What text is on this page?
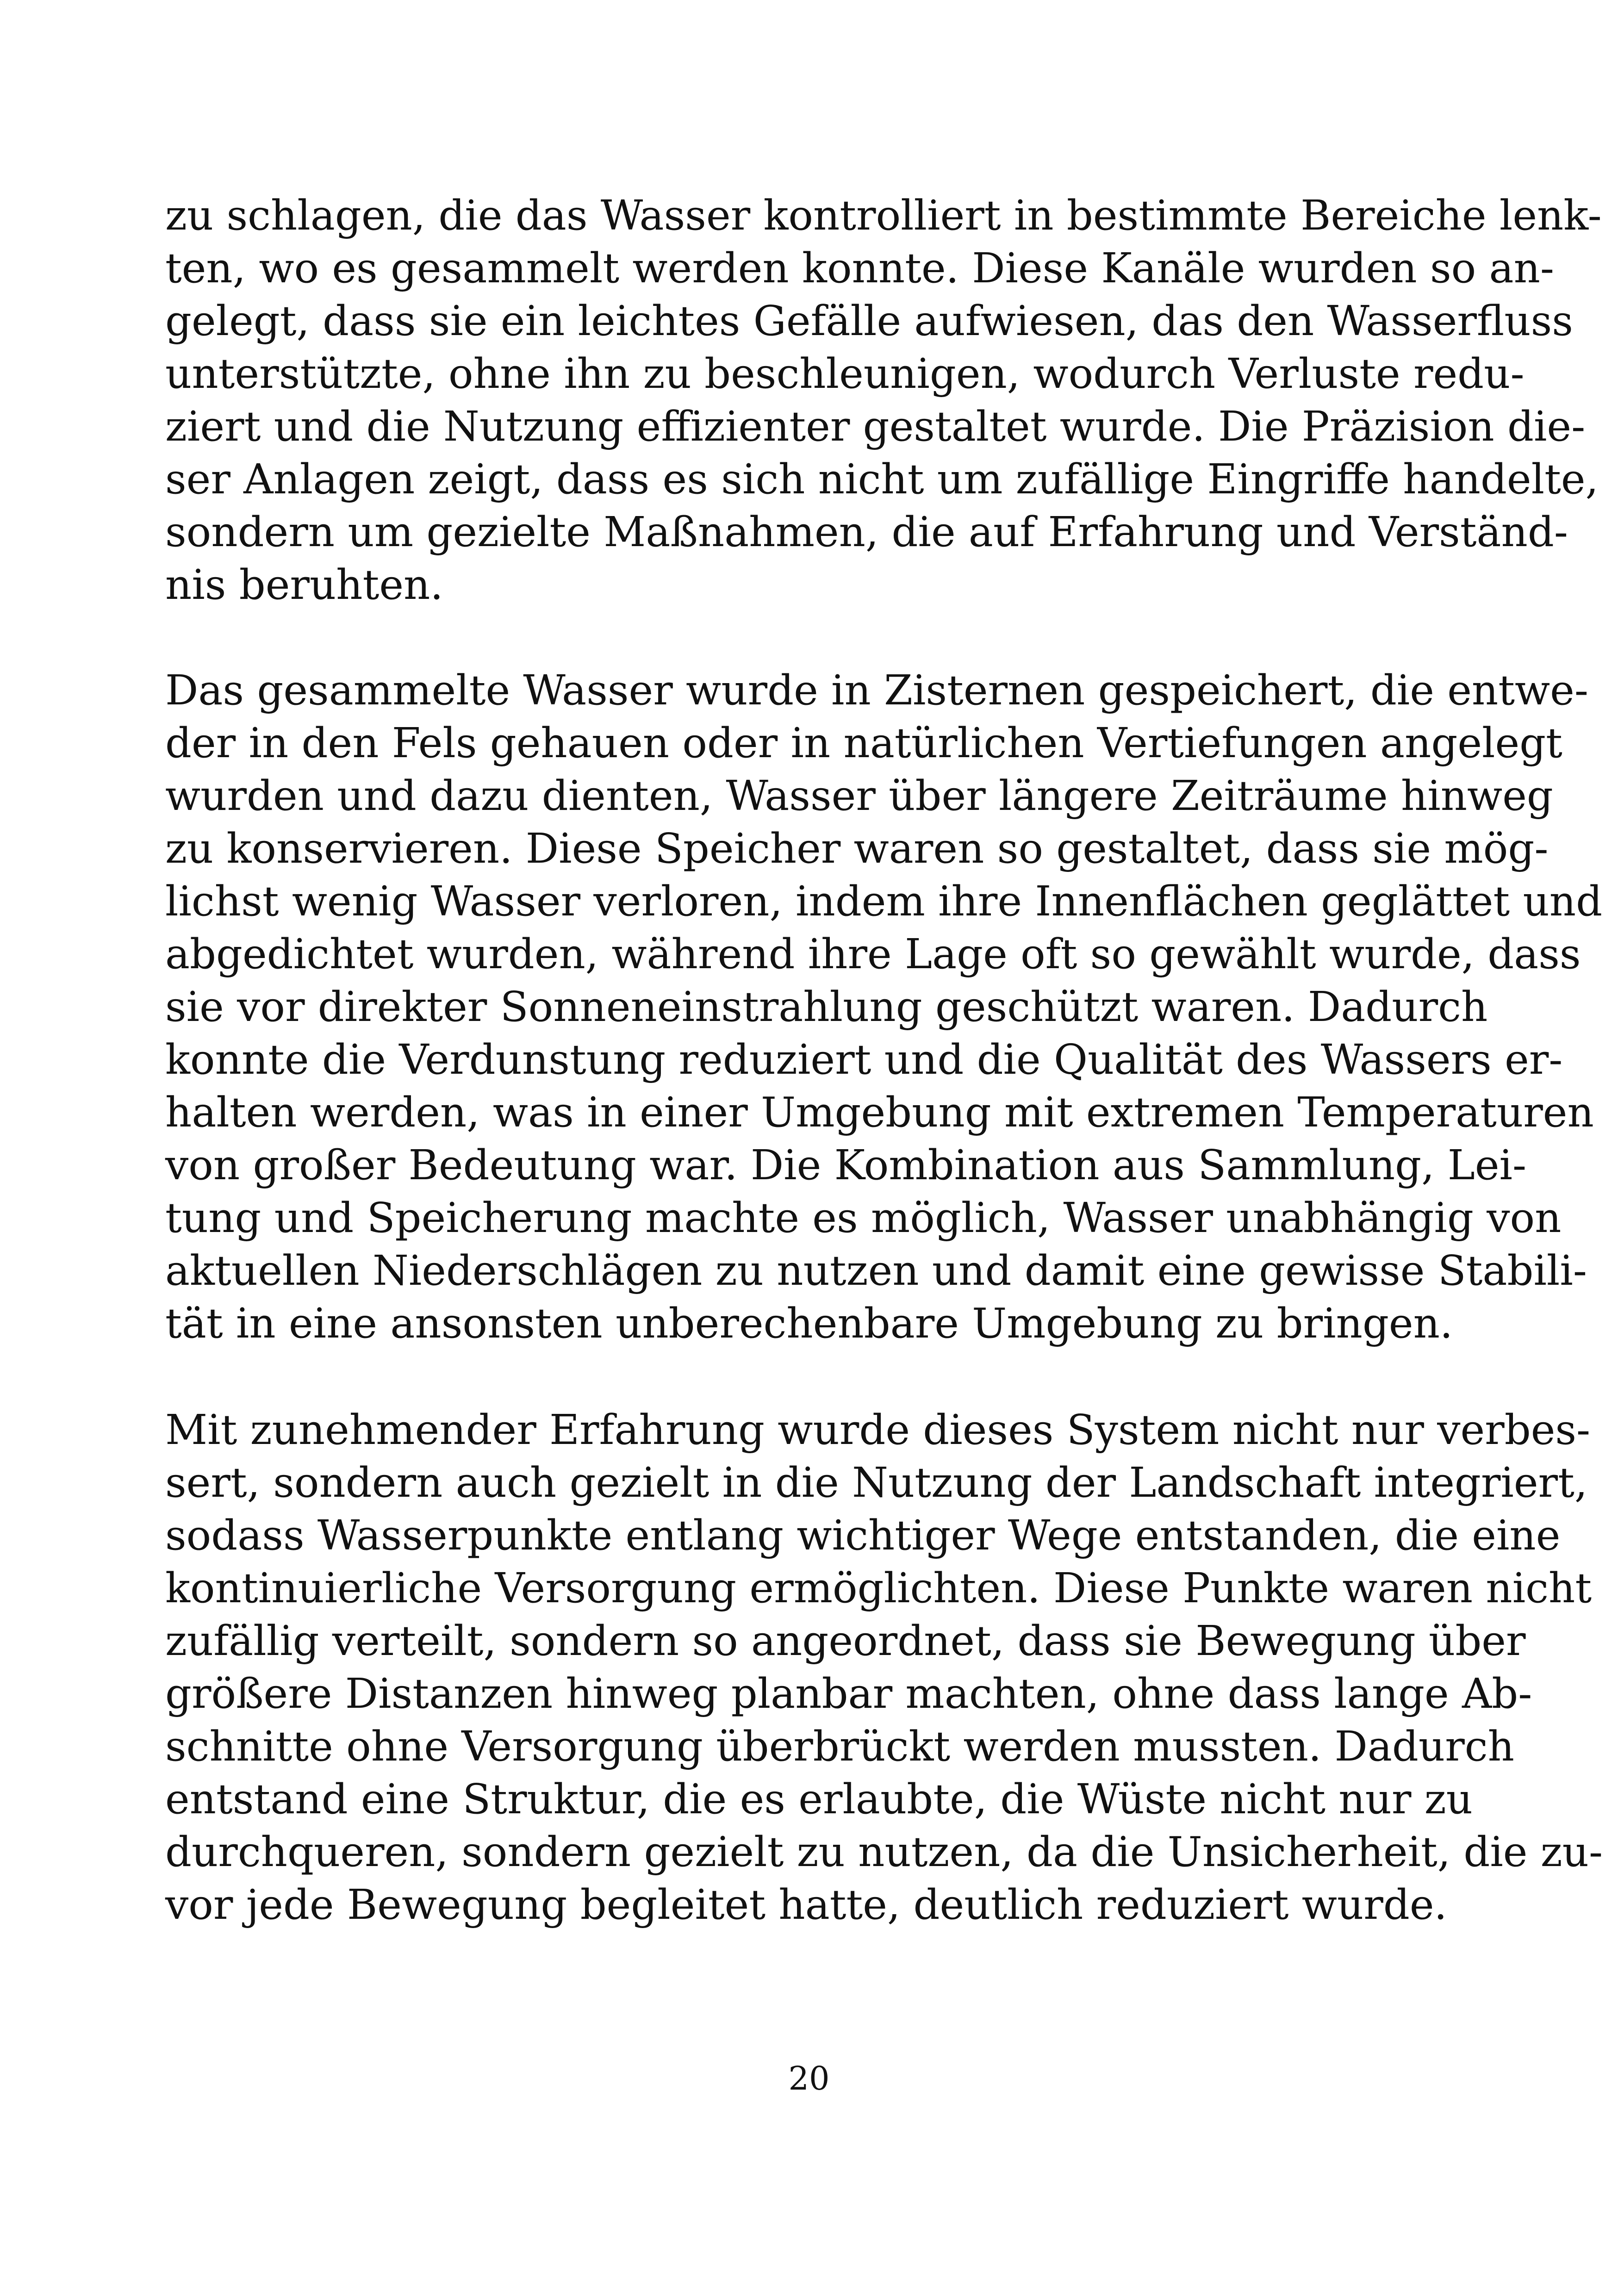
zu schlagen, die das Wasser kontrolliert in bestimmte Bereiche lenk-
ten, wo es gesammelt werden konnte. Diese Kanäle wurden so an-
gelegt, dass sie ein leichtes Gefälle aufwiesen, das den Wasserfluss
unterstützte, ohne ihn zu beschleunigen, wodurch Verluste redu-
ziert und die Nutzung effizienter gestaltet wurde. Die Präzision die-
ser Anlagen zeigt, dass es sich nicht um zufällige Eingriffe handelte,
sondern um gezielte Maßnahmen, die auf Erfahrung und Verständ-
nis beruhten.
Das gesammelte Wasser wurde in Zisternen gespeichert, die entwe-
der in den Fels gehauen oder in natürlichen Vertiefungen angelegt
wurden und dazu dienten, Wasser über längere Zeiträume hinweg
zu konservieren. Diese Speicher waren so gestaltet, dass sie mög-
lichst wenig Wasser verloren, indem ihre Innenflächen geglättet und
abgedichtet wurden, während ihre Lage oft so gewählt wurde, dass
sie vor direkter Sonneneinstrahlung geschützt waren. Dadurch
konnte die Verdunstung reduziert und die Qualität des Wassers er-
halten werden, was in einer Umgebung mit extremen Temperaturen
von großer Bedeutung war. Die Kombination aus Sammlung, Lei-
tung und Speicherung machte es möglich, Wasser unabhängig von
aktuellen Niederschlägen zu nutzen und damit eine gewisse Stabili-
tät in eine ansonsten unberechenbare Umgebung zu bringen.
Mit zunehmender Erfahrung wurde dieses System nicht nur verbes-
sert, sondern auch gezielt in die Nutzung der Landschaft integriert,
sodass Wasserpunkte entlang wichtiger Wege entstanden, die eine
kontinuierliche Versorgung ermöglichten. Diese Punkte waren nicht
zufällig verteilt, sondern so angeordnet, dass sie Bewegung über
größere Distanzen hinweg planbar machten, ohne dass lange Ab-
schnitte ohne Versorgung überbrückt werden mussten. Dadurch
entstand eine Struktur, die es erlaubte, die Wüste nicht nur zu
durchqueren, sondern gezielt zu nutzen, da die Unsicherheit, die zu-
vor jede Bewegung begleitet hatte, deutlich reduziert wurde.
20
